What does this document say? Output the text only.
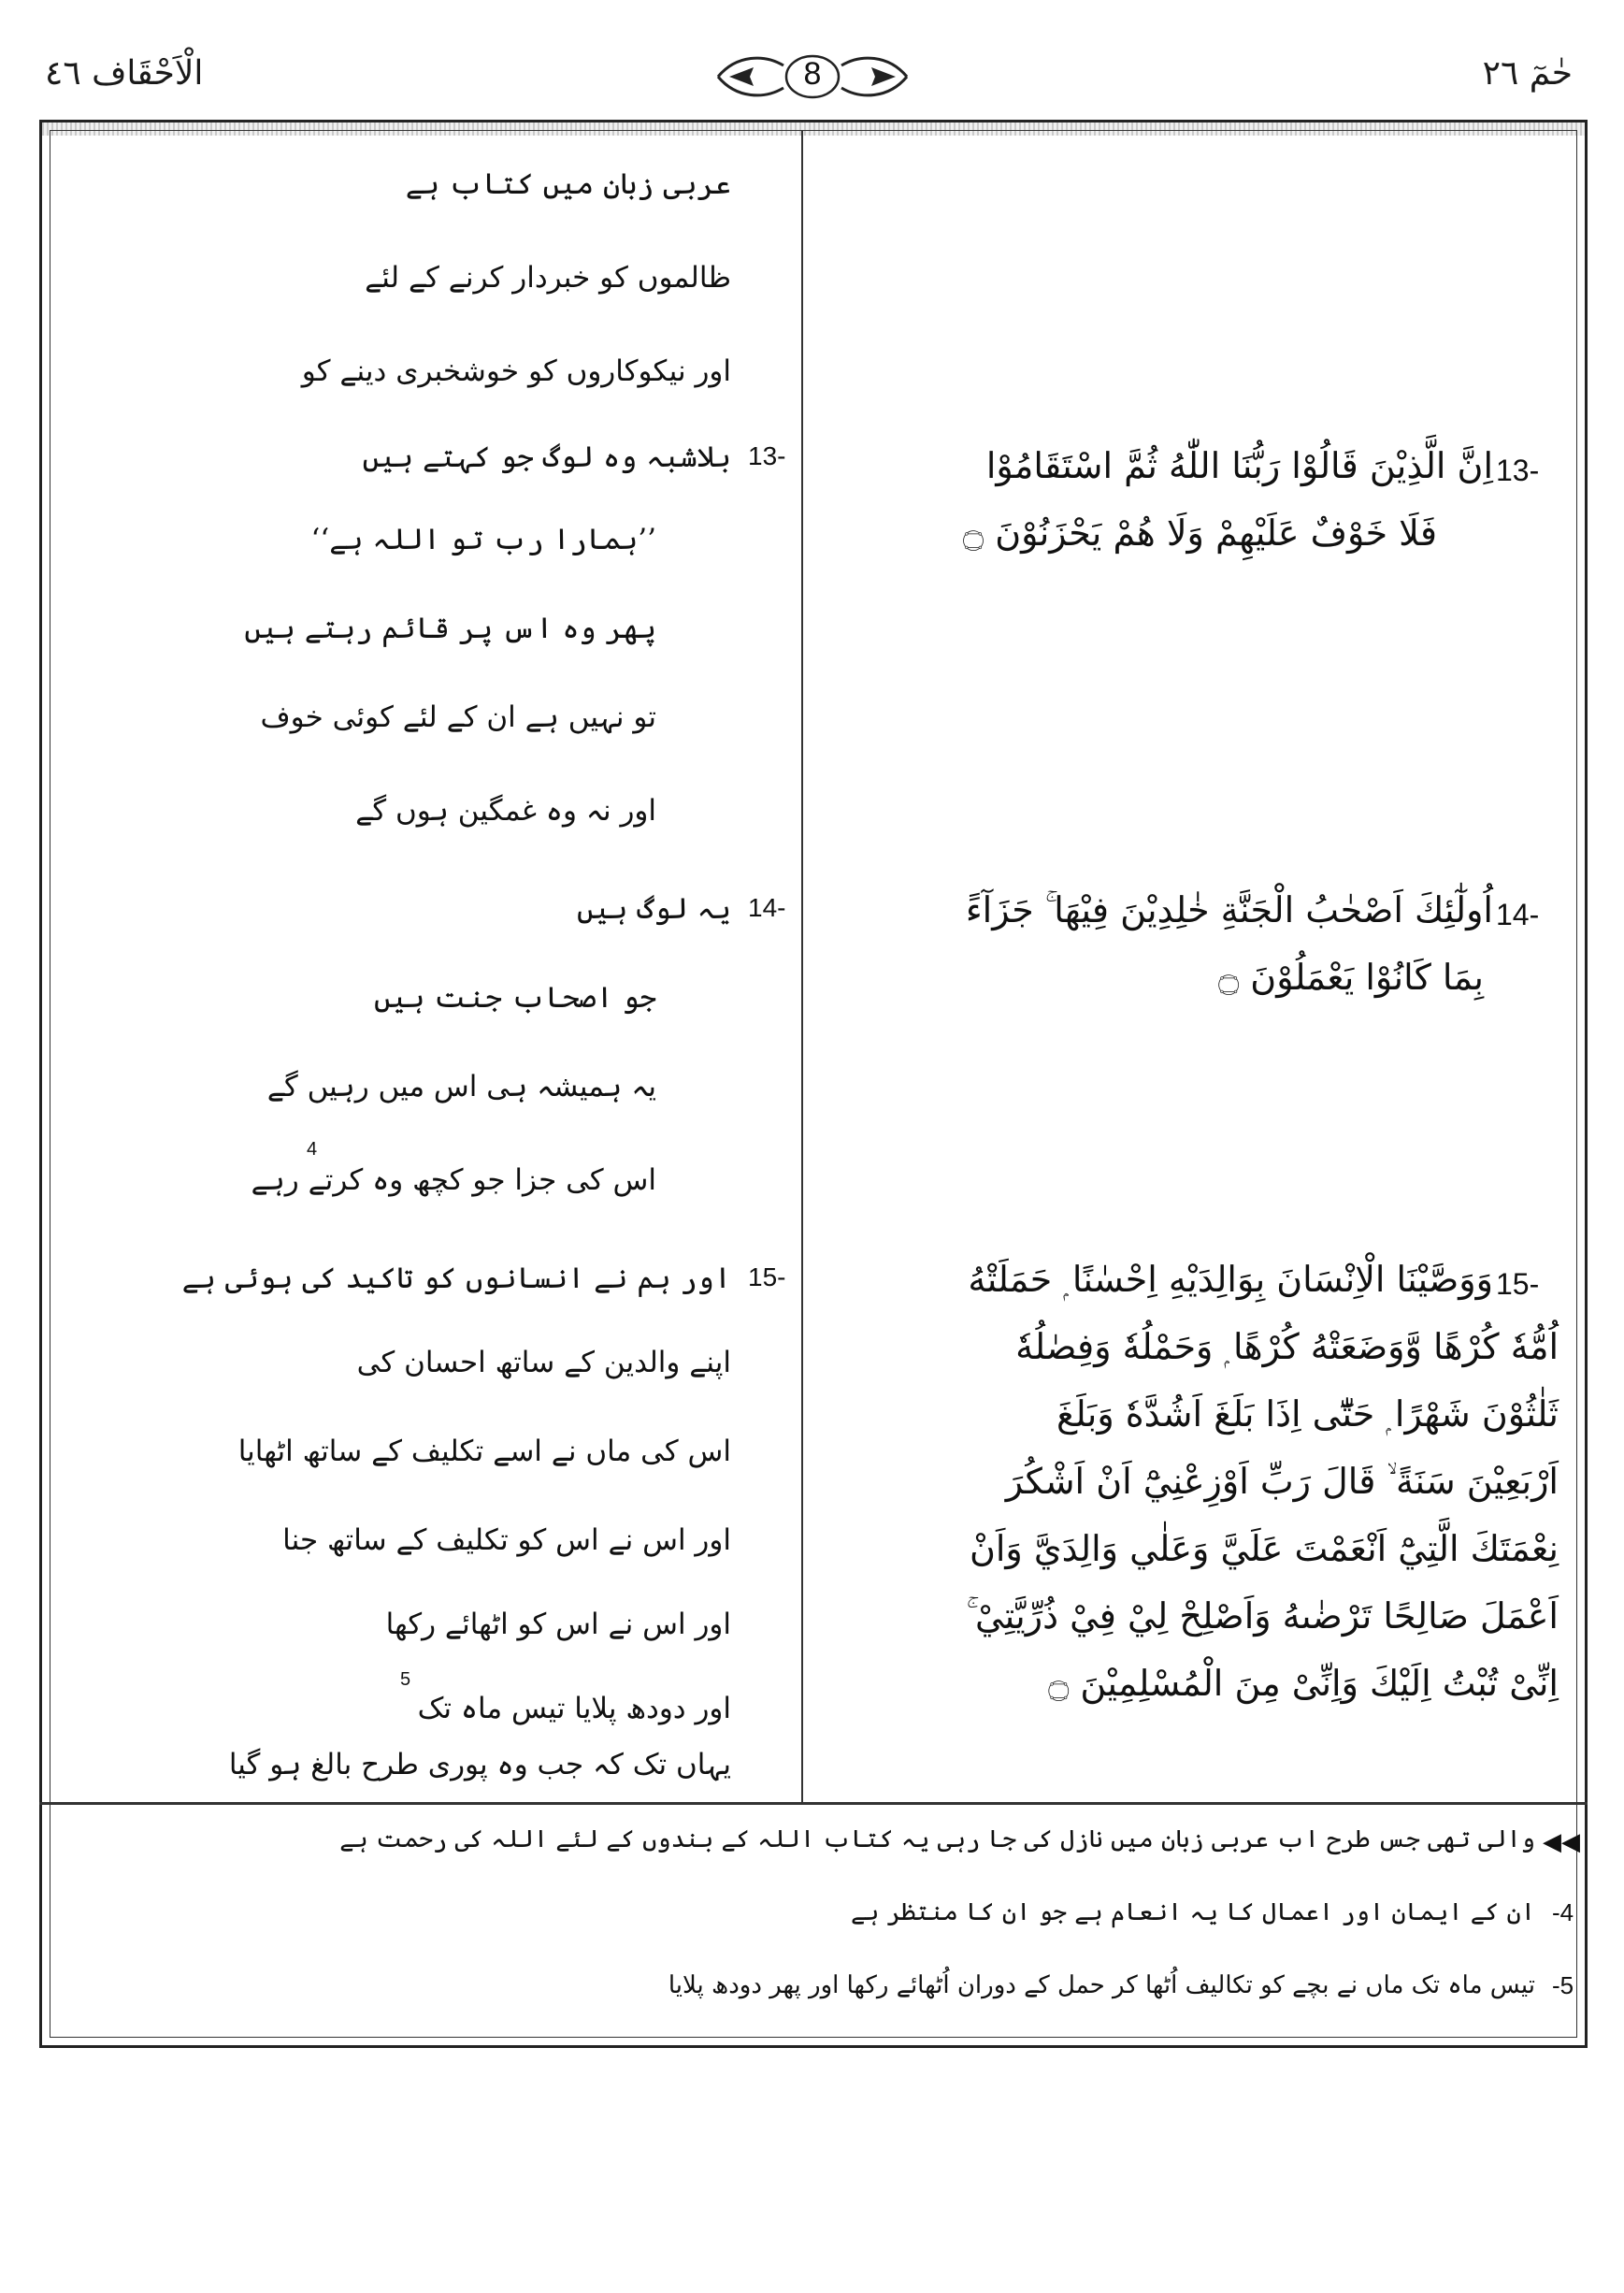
الْاَحْقَاف ٤٦	8	حٰمٓ ٢٦
13-
اِنَّ الَّذِيْنَ قَالُوْا رَبُّنَا اللّٰهُ ثُمَّ اسْتَقَامُوْا
فَلَا خَوْفٌ عَلَيْهِمْ وَلَا هُمْ يَحْزَنُوْنَ ۝
14-
اُولٰٓئِكَ اَصْحٰبُ الْجَنَّةِ خٰلِدِيْنَ فِيْهَا ۚ جَزَآءً
بِمَا كَانُوْا يَعْمَلُوْنَ ۝
15-
وَوَصَّيْنَا الْاِنْسَانَ بِوَالِدَيْهِ اِحْسٰنًا ۭ حَمَلَتْهُ
اُمُّهٗ كُرْهًا وَّوَضَعَتْهُ كُرْهًا ۭ وَحَمْلُهٗ وَفِصٰلُهٗ
ثَلٰثُوْنَ شَهْرًا ۭ حَتّٰٓى اِذَا بَلَغَ اَشُدَّهٗ وَبَلَغَ
اَرْبَعِيْنَ سَنَةً ۙ قَالَ رَبِّ اَوْزِعْنِيْٓ اَنْ اَشْكُرَ
نِعْمَتَكَ الَّتِيْٓ اَنْعَمْتَ عَلَيَّ وَعَلٰي وَالِدَيَّ وَاَنْ
اَعْمَلَ صَالِحًا تَرْضٰىهُ وَاَصْلِحْ لِيْ فِيْ ذُرِّيَّتِيْ ۚ
اِنِّىْ تُبْتُ اِلَيْكَ وَاِنِّىْ مِنَ الْمُسْلِمِيْنَ ۝
عربی زبان میں کتاب ہے
ظالموں کو خبردار کرنے کے لئے
اور نیکوکاروں کو خوشخبری دینے کو
13-
بلاشبہ وہ لوگ جو کہتے ہیں
’’ہمارا رب تو اللہ ہے‘‘
پھر وہ اس پر قائم رہتے ہیں
تو نہیں ہے ان کے لئے کوئی خوف
اور نہ وہ غمگین ہوں گے
14-
یہ لوگ ہیں
جو اصحاب جنت ہیں
یہ ہمیشہ ہی اس میں رہیں گے
اس کی جزا جو کچھ وہ کرتے رہے
4
15-
اور ہم نے انسانوں کو تاکید کی ہوئی ہے
اپنے والدین کے ساتھ احسان کی
اس کی ماں نے اسے تکلیف کے ساتھ اٹھایا
اور اس نے اس کو تکلیف کے ساتھ جنا
اور اس نے اس کو اٹھائے رکھا
اور دودھ پلایا تیس ماہ تک
5
یہاں تک کہ جب وہ پوری طرح بالغ ہو گیا
◀◀
والی تھی جس طرح اب عربی زبان میں نازل کی جا رہی یہ کتاب اللہ کے بندوں کے لئے اللہ کی رحمت ہے
-4
ان کے ایمان اور اعمال کا یہ انعام ہے جو ان کا منتظر ہے
-5
تیس ماہ تک ماں نے بچے کو تکالیف اُٹھا کر حمل کے دوران اُٹھائے رکھا اور پھر دودھ پلایا
